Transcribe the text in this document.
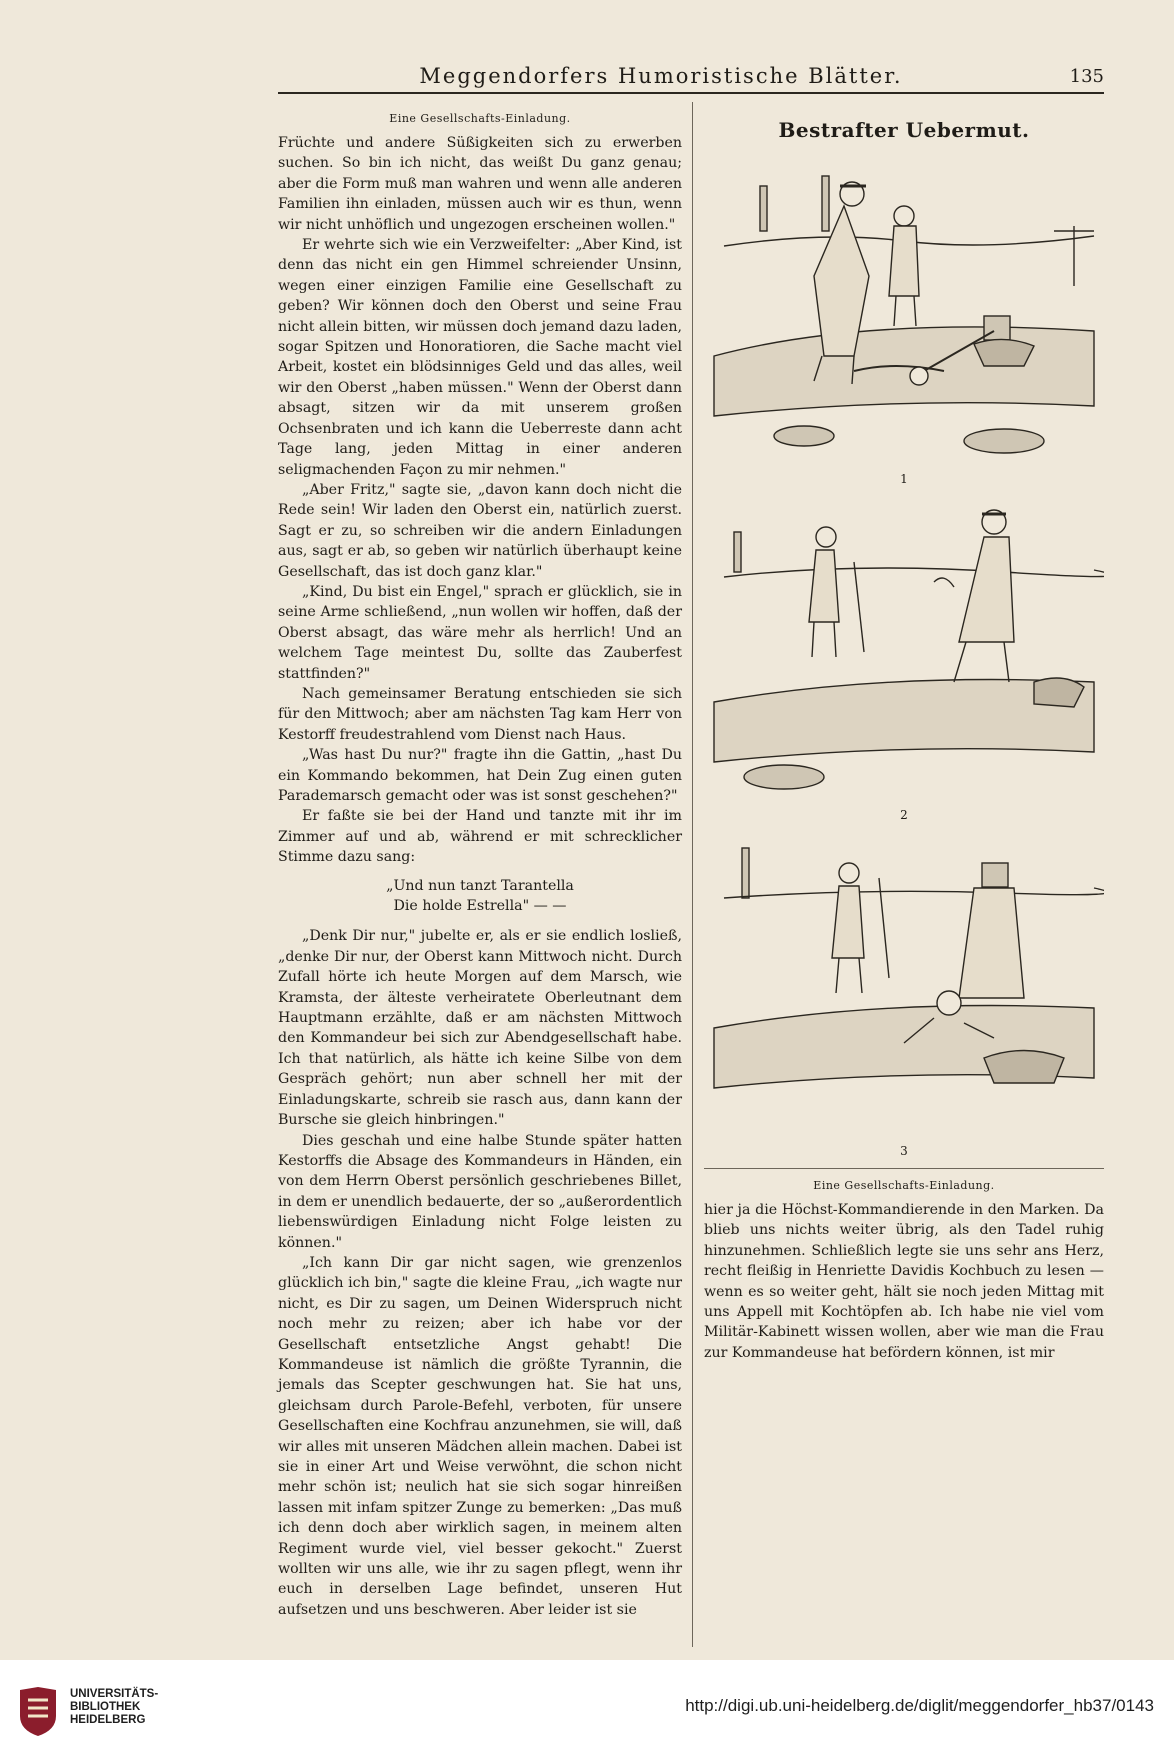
Meggendorfers Humoristische Blätter.	135
Eine Gesellschafts-Einladung.

Früchte und andere Süßigkeiten sich zu erwerben suchen. So bin ich nicht, das weißt Du ganz genau; aber die Form muß man wahren und wenn alle anderen Familien ihn einladen, müssen auch wir es thun, wenn wir nicht unhöflich und ungezogen erscheinen wollen."

Er wehrte sich wie ein Verzweifelter: „Aber Kind, ist denn das nicht ein gen Himmel schreiender Unsinn, wegen einer einzigen Familie eine Gesellschaft zu geben? Wir können doch den Oberst und seine Frau nicht allein bitten, wir müssen doch jemand dazu laden, sogar Spitzen und Honoratioren, die Sache macht viel Arbeit, kostet ein blödsinniges Geld und das alles, weil wir den Oberst „haben müssen." Wenn der Oberst dann absagt, sitzen wir da mit unserem großen Ochsenbraten und ich kann die Ueberreste dann acht Tage lang, jeden Mittag in einer anderen seligmachenden Façon zu mir nehmen."

„Aber Fritz," sagte sie, „davon kann doch nicht die Rede sein! Wir laden den Oberst ein, natürlich zuerst. Sagt er zu, so schreiben wir die andern Einladungen aus, sagt er ab, so geben wir natürlich überhaupt keine Gesellschaft, das ist doch ganz klar."

„Kind, Du bist ein Engel," sprach er glücklich, sie in seine Arme schließend, „nun wollen wir hoffen, daß der Oberst absagt, das wäre mehr als herrlich! Und an welchem Tage meintest Du, sollte das Zauberfest stattfinden?"

Nach gemeinsamer Beratung entschieden sie sich für den Mittwoch; aber am nächsten Tag kam Herr von Kestorff freudestrahlend vom Dienst nach Haus.

„Was hast Du nur?" fragte ihn die Gattin, „hast Du ein Kommando bekommen, hat Dein Zug einen guten Parademarsch gemacht oder was ist sonst geschehen?"

Er faßte sie bei der Hand und tanzte mit ihr im Zimmer auf und ab, während er mit schrecklicher Stimme dazu sang:

„Und nun tanzt Tarantella
Die holde Estrella" — —

„Denk Dir nur," jubelte er, als er sie endlich losließ, „denke Dir nur, der Oberst kann Mittwoch nicht. Durch Zufall hörte ich heute Morgen auf dem Marsch, wie Kramsta, der älteste verheiratete Oberleutnant dem Hauptmann erzählte, daß er am nächsten Mittwoch den Kommandeur bei sich zur Abendgesellschaft habe. Ich that natürlich, als hätte ich keine Silbe von dem Gespräch gehört; nun aber schnell her mit der Einladungskarte, schreib sie rasch aus, dann kann der Bursche sie gleich hinbringen."

Dies geschah und eine halbe Stunde später hatten Kestorffs die Absage des Kommandeurs in Händen, ein von dem Herrn Oberst persönlich geschriebenes Billet, in dem er unendlich bedauerte, der so „außerordentlich liebenswürdigen Einladung nicht Folge leisten zu können."

„Ich kann Dir gar nicht sagen, wie grenzenlos glücklich ich bin," sagte die kleine Frau, „ich wagte nur nicht, es Dir zu sagen, um Deinen Widerspruch nicht noch mehr zu reizen; aber ich habe vor der Gesellschaft entsetzliche Angst gehabt! Die Kommandeuse ist nämlich die größte Tyrannin, die jemals das Scepter geschwungen hat. Sie hat uns, gleichsam durch Parole-Befehl, verboten, für unsere Gesellschaften eine Kochfrau anzunehmen, sie will, daß wir alles mit unseren Mädchen allein machen. Dabei ist sie in einer Art und Weise verwöhnt, die schon nicht mehr schön ist; neulich hat sie sich sogar hinreißen lassen mit infam spitzer Zunge zu bemerken: „Das muß ich denn doch aber wirklich sagen, in meinem alten Regiment wurde viel, viel besser gekocht." Zuerst wollten wir uns alle, wie ihr zu sagen pflegt, wenn ihr euch in derselben Lage befindet, unseren Hut aufsetzen und uns beschweren. Aber leider ist sie

Bestrafter Uebermut.
1
2
3
Eine Gesellschafts-Einladung.

hier ja die Höchst-Kommandierende in den Marken. Da blieb uns nichts weiter übrig, als den Tadel ruhig hinzunehmen. Schließlich legte sie uns sehr ans Herz, recht fleißig in Henriette Davidis Kochbuch zu lesen — wenn es so weiter geht, hält sie noch jeden Mittag mit uns Appell mit Kochtöpfen ab. Ich habe nie viel vom Militär-Kabinett wissen wollen, aber wie man die Frau zur Kommandeuse hat befördern können, ist mir

UNIVERSITÄTS-
BIBLIOTHEK
HEIDELBERG
http://digi.ub.uni-heidelberg.de/diglit/meggendorfer_hb37/0143
